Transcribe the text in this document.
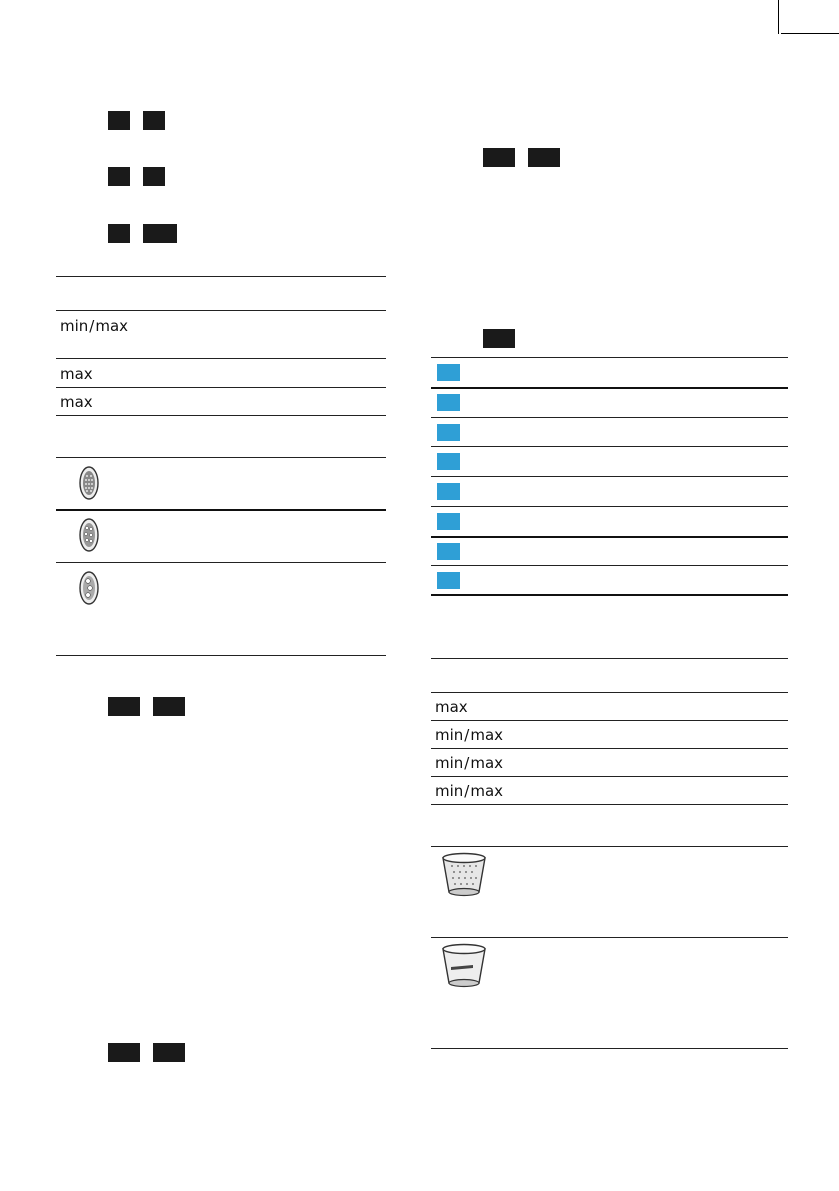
min/max
max
max
max
min/max
min/max
min/max
